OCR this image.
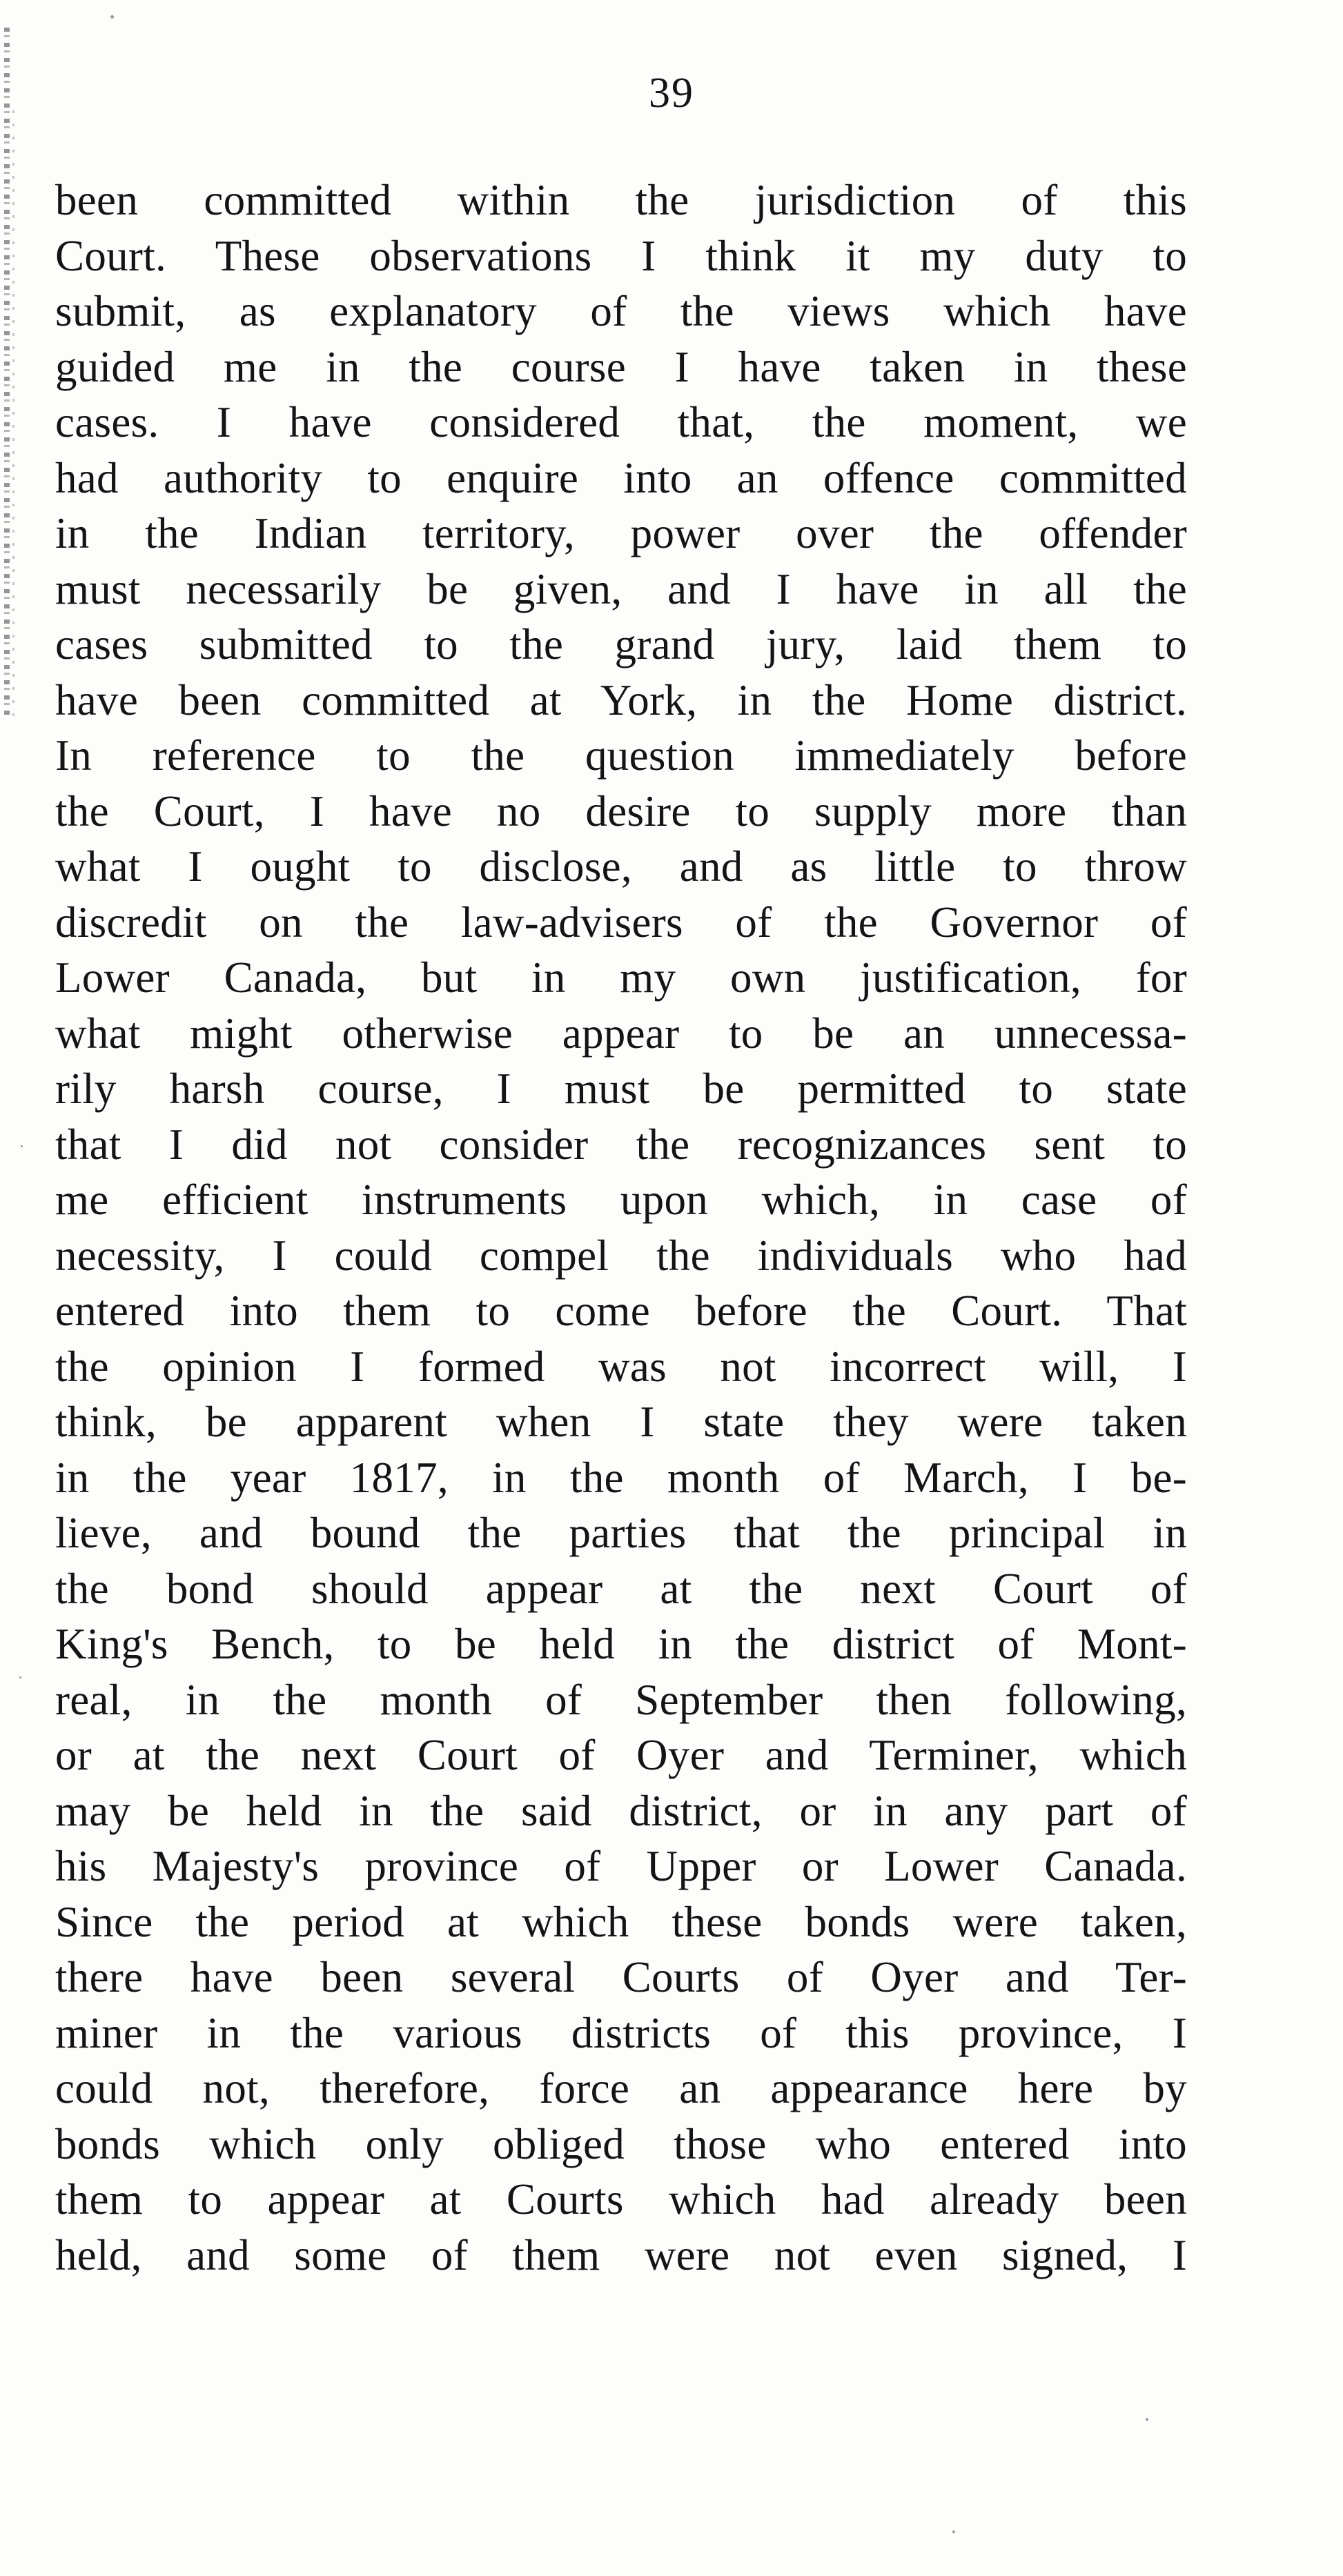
39
been committed within the jurisdiction of this
Court. These observations I think it my duty to
submit, as explanatory of the views which have
guided me in the course I have taken in these
cases. I have considered that, the moment, we
had authority to enquire into an offence committed
in the Indian territory, power over the offender
must necessarily be given, and I have in all the
cases submitted to the grand jury, laid them to
have been committed at York, in the Home district.
In reference to the question immediately before
the Court, I have no desire to supply more than
what I ought to disclose, and as little to throw
discredit on the law-advisers of the Governor of
Lower Canada, but in my own justification, for
what might otherwise appear to be an unnecessa-
rily harsh course, I must be permitted to state
that I did not consider the recognizances sent to
me efficient instruments upon which, in case of
necessity, I could compel the individuals who had
entered into them to come before the Court. That
the opinion I formed was not incorrect will, I
think, be apparent when I state they were taken
in the year 1817, in the month of March, I be-
lieve, and bound the parties that the principal in
the bond should appear at the next Court of
King's Bench, to be held in the district of Mont-
real, in the month of September then following,
or at the next Court of Oyer and Terminer, which
may be held in the said district, or in any part of
his Majesty's province of Upper or Lower Canada.
Since the period at which these bonds were taken,
there have been several Courts of Oyer and Ter-
miner in the various districts of this province, I
could not, therefore, force an appearance here by
bonds which only obliged those who entered into
them to appear at Courts which had already been
held, and some of them were not even signed, I
